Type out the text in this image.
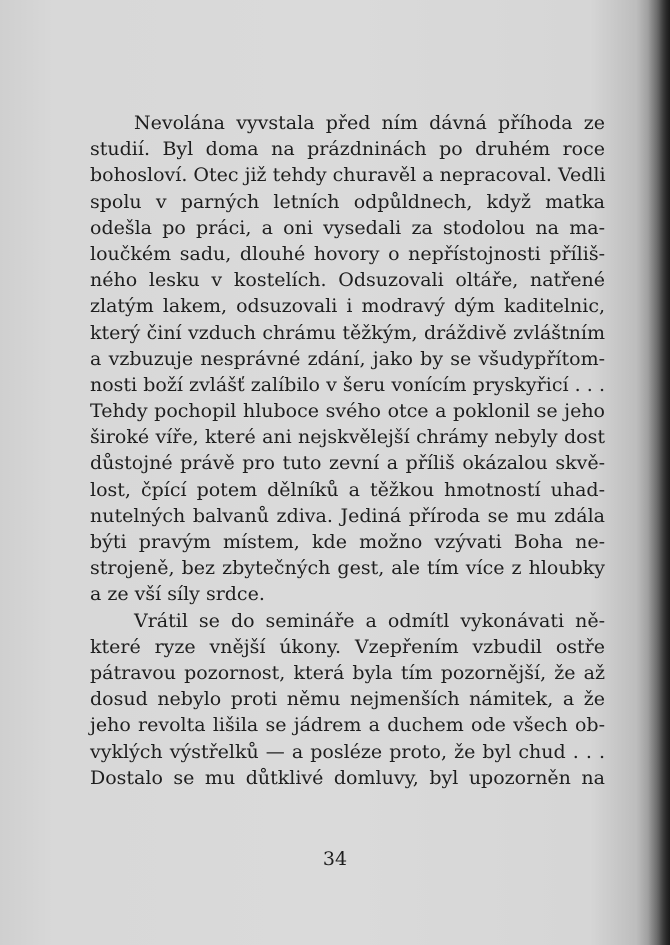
Nevolána vyvstala před ním dávná příhoda ze
studií. Byl doma na prázdninách po druhém roce
bohosloví. Otec již tehdy churavěl a nepracoval. Vedli
spolu v parných letních odpůldnech, když matka
odešla po práci, a oni vysedali za stodolou na ma-
loučkém sadu, dlouhé hovory o nepřístojnosti příliš-
ného lesku v kostelích. Odsuzovali oltáře, natřené
zlatým lakem, odsuzovali i modravý dým kaditelnic,
který činí vzduch chrámu těžkým, dráždivě zvláštním
a vzbuzuje nesprávné zdání, jako by se všudypřítom-
nosti boží zvlášť zalíbilo v šeru vonícím pryskyřicí . . .
Tehdy pochopil hluboce svého otce a poklonil se jeho
široké víře, které ani nejskvělejší chrámy nebyly dost
důstojné právě pro tuto zevní a příliš okázalou skvě-
lost, čpící potem dělníků a těžkou hmotností uhad-
nutelných balvanů zdiva. Jediná příroda se mu zdála
býti pravým místem, kde možno vzývati Boha ne-
strojeně, bez zbytečných gest, ale tím více z hloubky
a ze vší síly srdce.
Vrátil se do semináře a odmítl vykonávati ně-
které ryze vnější úkony. Vzepřením vzbudil ostře
pátravou pozornost, která byla tím pozornější, že až
dosud nebylo proti němu nejmenších námitek, a že
jeho revolta lišila se jádrem a duchem ode všech ob-
vyklých výstřelků — a posléze proto, že byl chud . . .
Dostalo se mu důtklivé domluvy, byl upozorněn na
34
